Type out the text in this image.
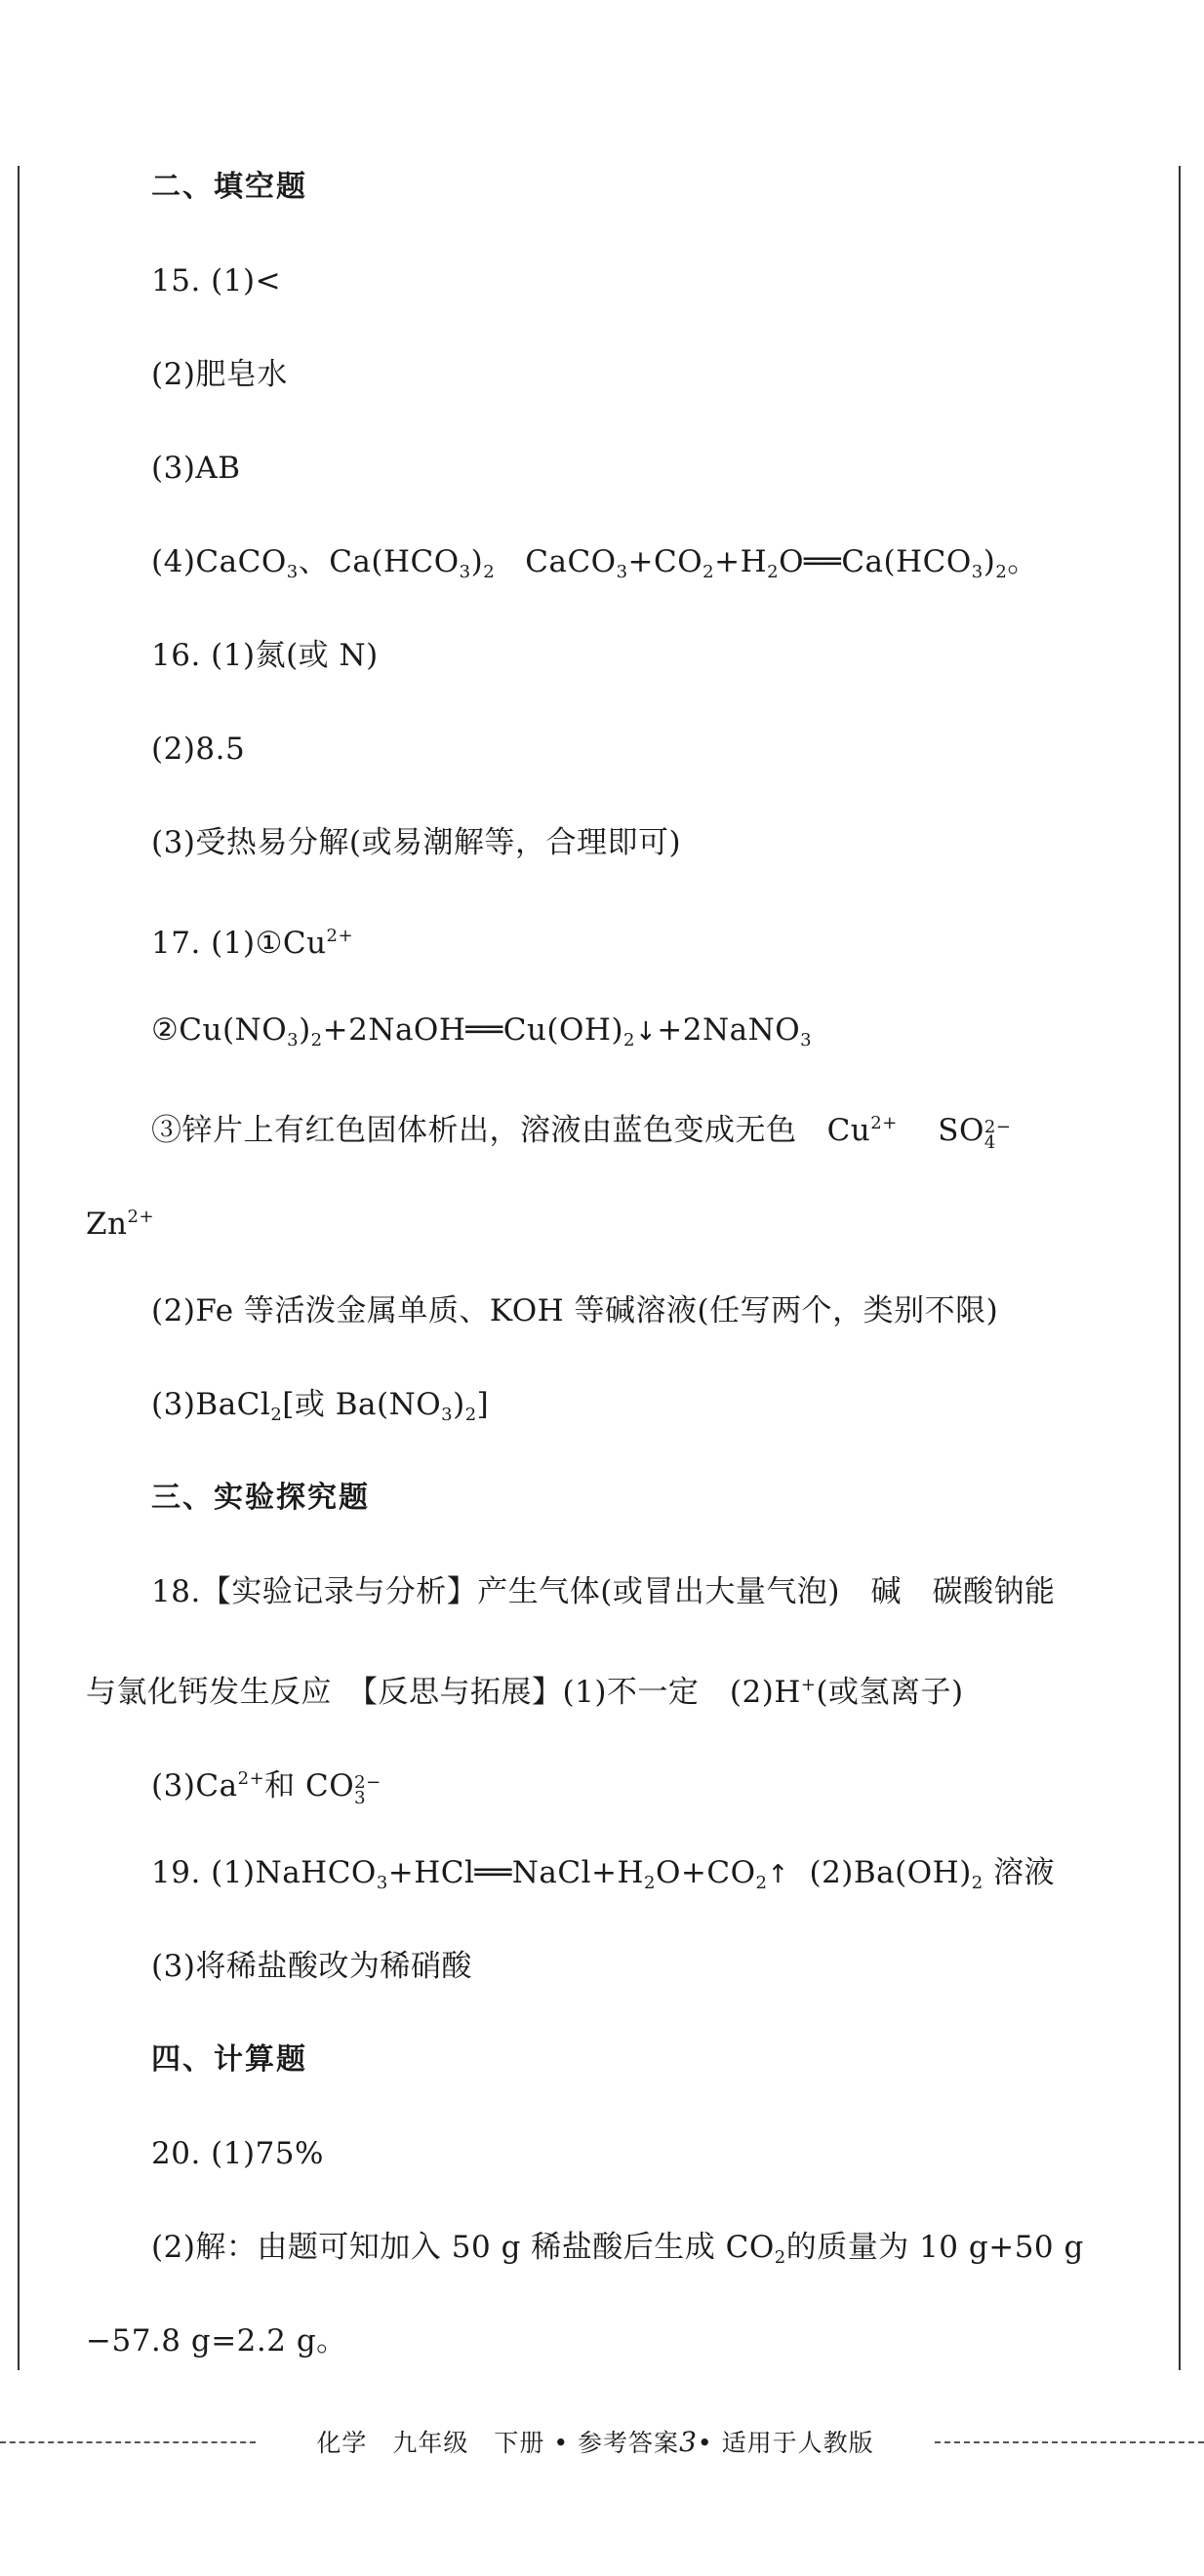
二、填空题
15. (1)<
(2)肥皂水
(3)AB
(4)CaCO$_3$、$Ca(HCO_3)_2$ $CaCO_3+CO_2+H_2O══Ca(HCO_3)_2$。
16. (1)氮(或 N)
(2)8.5
(3)受热易分解(或易潮解等，合理即可)
17. $(1)①Cu^{2+}$
$②Cu(NO_3)_2+2NaOH══Cu(OH)_2↓+2NaNO_3$
③锌片上有红色固体析出，溶液由蓝色变成无色 $Cu^{2+}$ SO 2−
4
$Zn^{2+}$
(2)Fe 等活泼金属单质、KOH 等碱溶液(任写两个，类别不限)
(3)BaCl$_2$[或 $Ba(NO_3)_2$]
三、实验探究题
18.【实验记录与分析】产生气体(或冒出大量气泡)　碱　碳酸钠能
与氯化钙发生反应　【反思与拓展】(1)不一定　(2)H+(或氢离子)
$(3)Ca^{2+}$和 CO 2−
3
19. $(1)NaHCO_3+HCl══NaCl+H_2O+CO_2↑$ $(2)Ba(OH)_2$ 溶液
(3)将稀盐酸改为稀硝酸
四、计算题
20. (1)75%
(2)解：由题可知加入 50 g 稀盐酸后生成 $CO_2$的质量为 10 g+50 g
−57.8 g=2.2 g。
化学　九年级　下册 • 参考答案3• 适用于人教版
